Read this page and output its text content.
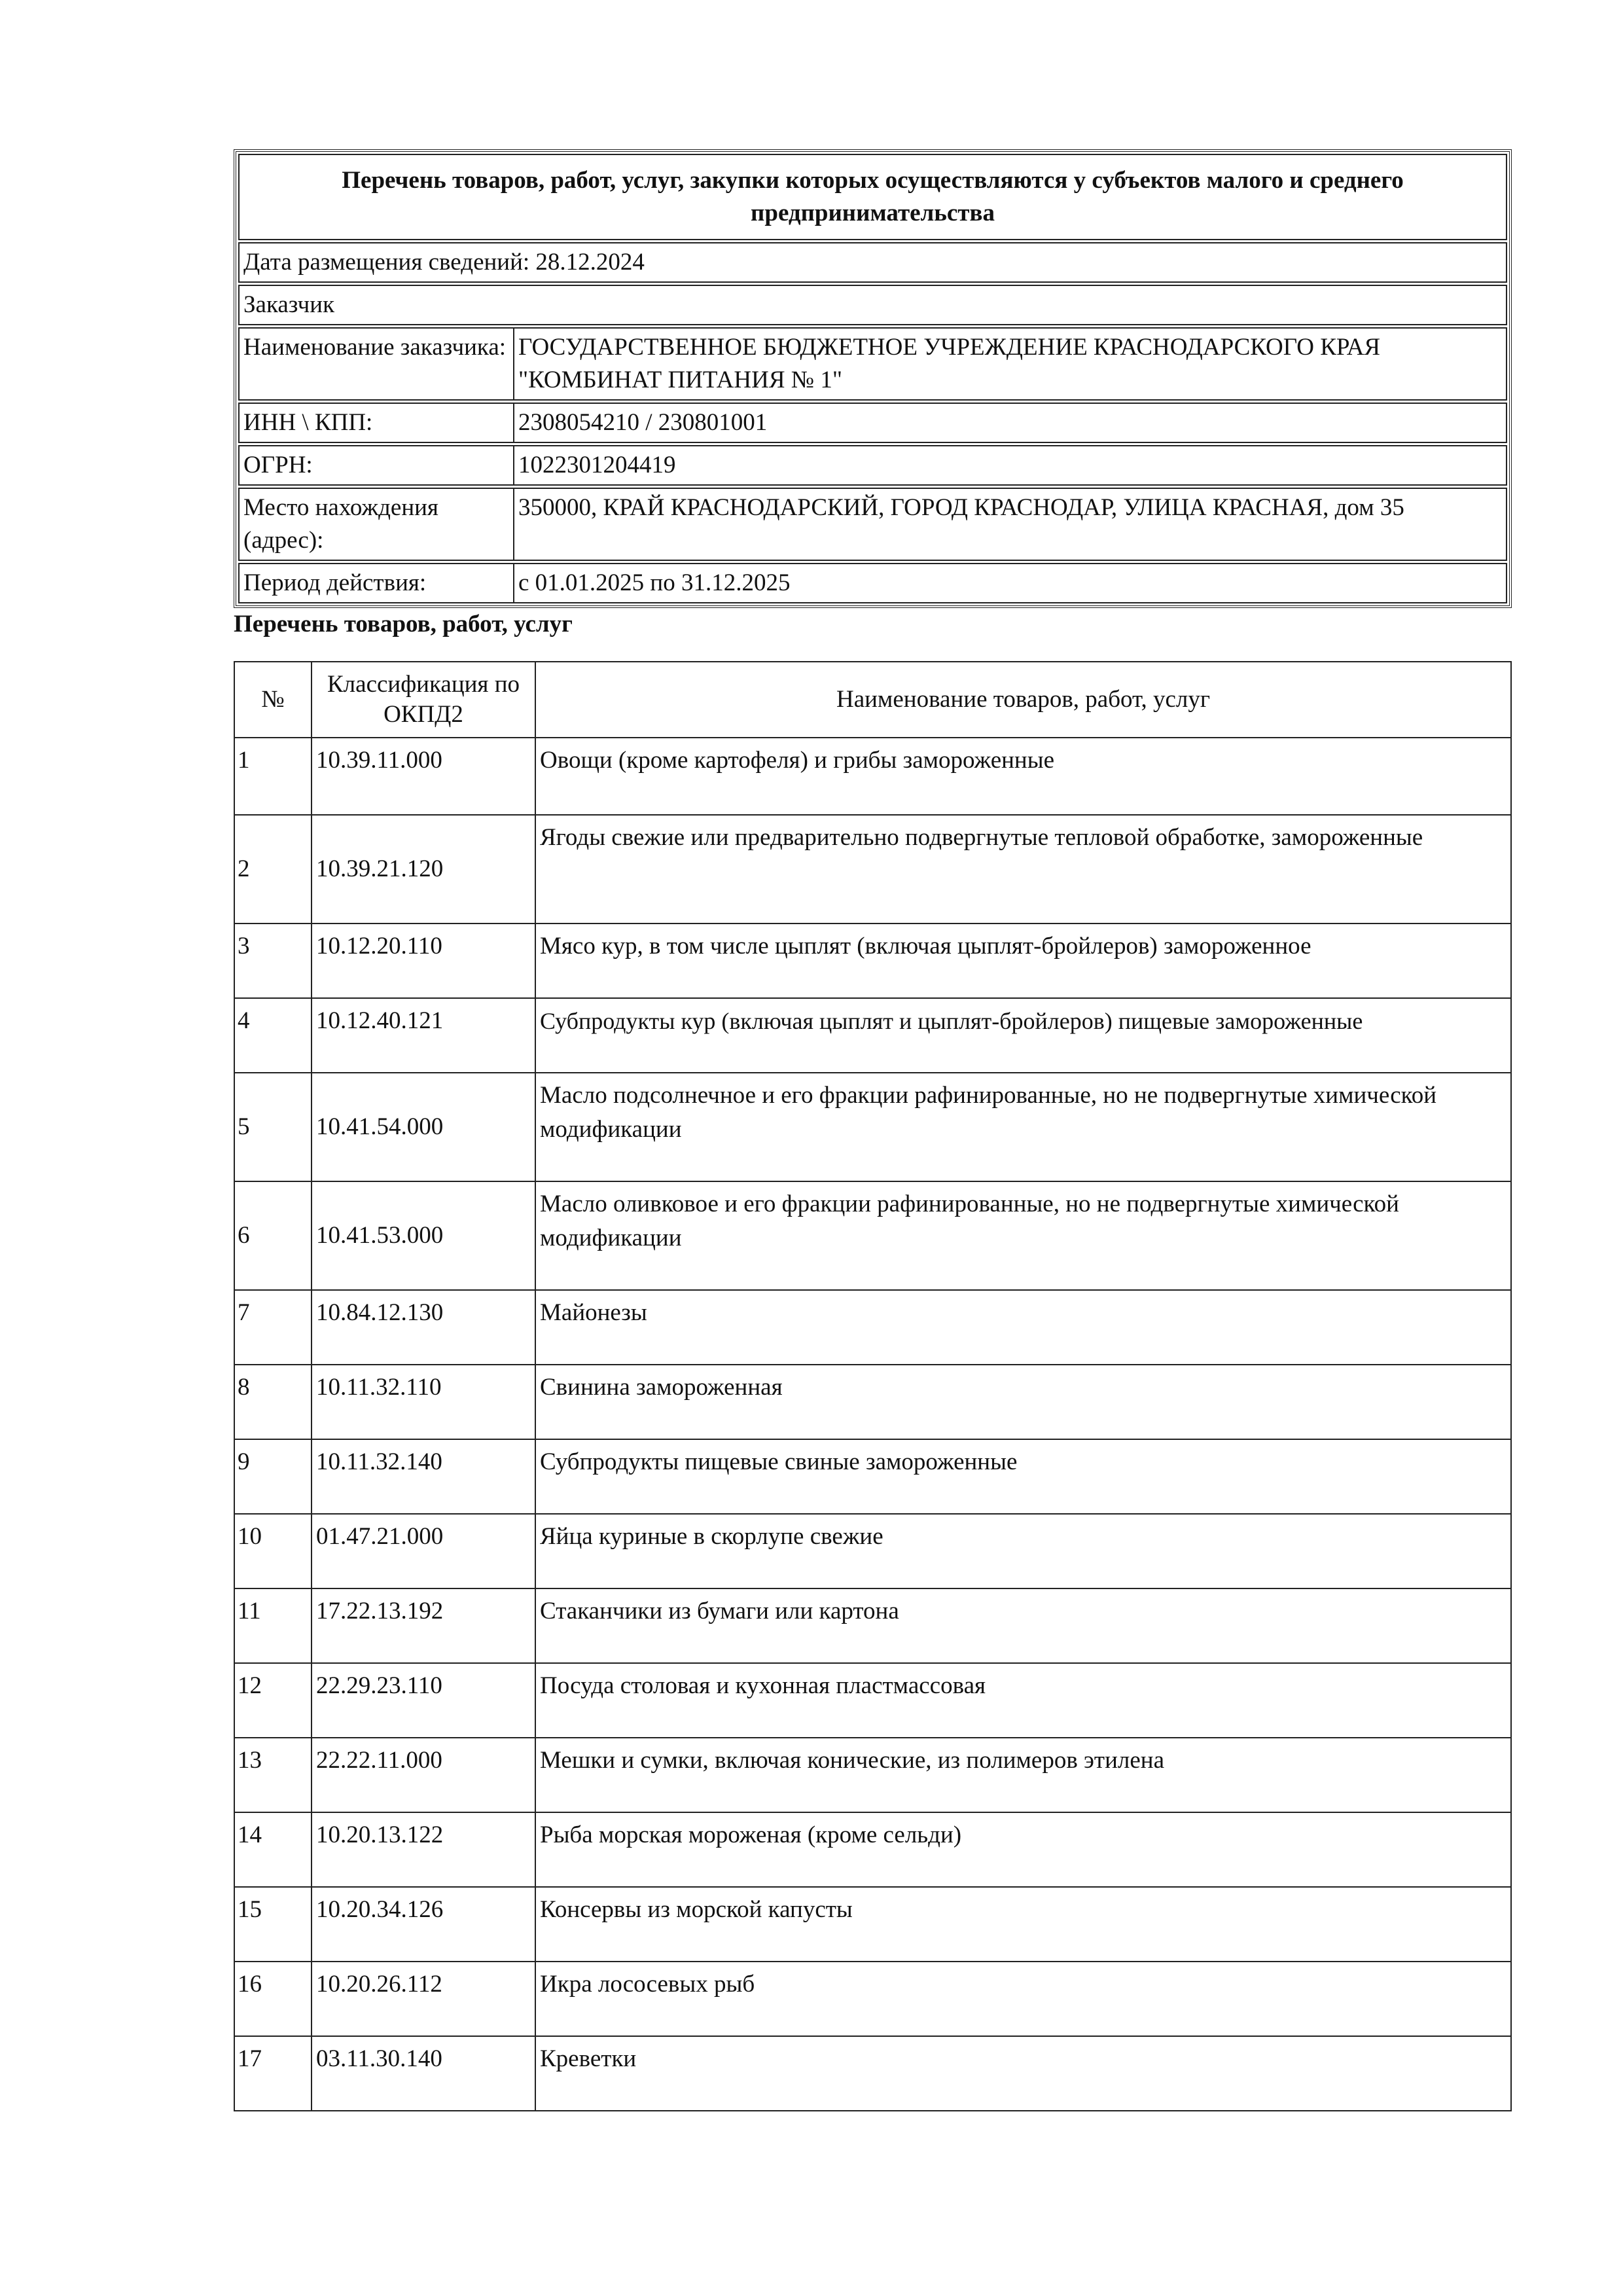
Перечень товаров, работ, услуг, закупки которых осуществляются у субъектов малого и среднего предпринимательства
Дата размещения сведений: 28.12.2024
Заказчик
Наименование заказчика: ГОСУДАРСТВЕННОЕ БЮДЖЕТНОЕ УЧРЕЖДЕНИЕ КРАСНОДАРСКОГО КРАЯ "КОМБИНАТ ПИТАНИЯ № 1"
ИНН \ КПП:	2308054210 / 230801001
ОГРН:	1022301204419
Место нахождения (адрес):
350000, КРАЙ КРАСНОДАРСКИЙ, ГОРОД КРАСНОДАР, УЛИЦА КРАСНАЯ, дом 35
Период действия:	с 01.01.2025 по 31.12.2025
Перечень товаров, работ, услуг
№	Классификация по ОКПД2	Наименование товаров, работ, услуг
1	10.39.11.000	Овощи (кроме картофеля) и грибы замороженные
2	10.39.21.120	Ягоды свежие или предварительно подвергнутые тепловой обработке, замороженные
3	10.12.20.110	Мясо кур, в том числе цыплят (включая цыплят-бройлеров) замороженное
4	10.12.40.121	Субпродукты кур (включая цыплят и цыплят-бройлеров) пищевые замороженные
5	10.41.54.000	Масло подсолнечное и его фракции рафинированные, но не подвергнутые химической модификации
6	10.41.53.000	Масло оливковое и его фракции рафинированные, но не подвергнутые химической модификации
7	10.84.12.130	Майонезы
8	10.11.32.110	Свинина замороженная
9	10.11.32.140	Субпродукты пищевые свиные замороженные
10	01.47.21.000	Яйца куриные в скорлупе свежие
11	17.22.13.192	Стаканчики из бумаги или картона
12	22.29.23.110	Посуда столовая и кухонная пластмассовая
13	22.22.11.000	Мешки и сумки, включая конические, из полимеров этилена
14	10.20.13.122	Рыба морская мороженая (кроме сельди)
15	10.20.34.126	Консервы из морской капусты
16	10.20.26.112	Икра лососевых рыб
17	03.11.30.140	Креветки
